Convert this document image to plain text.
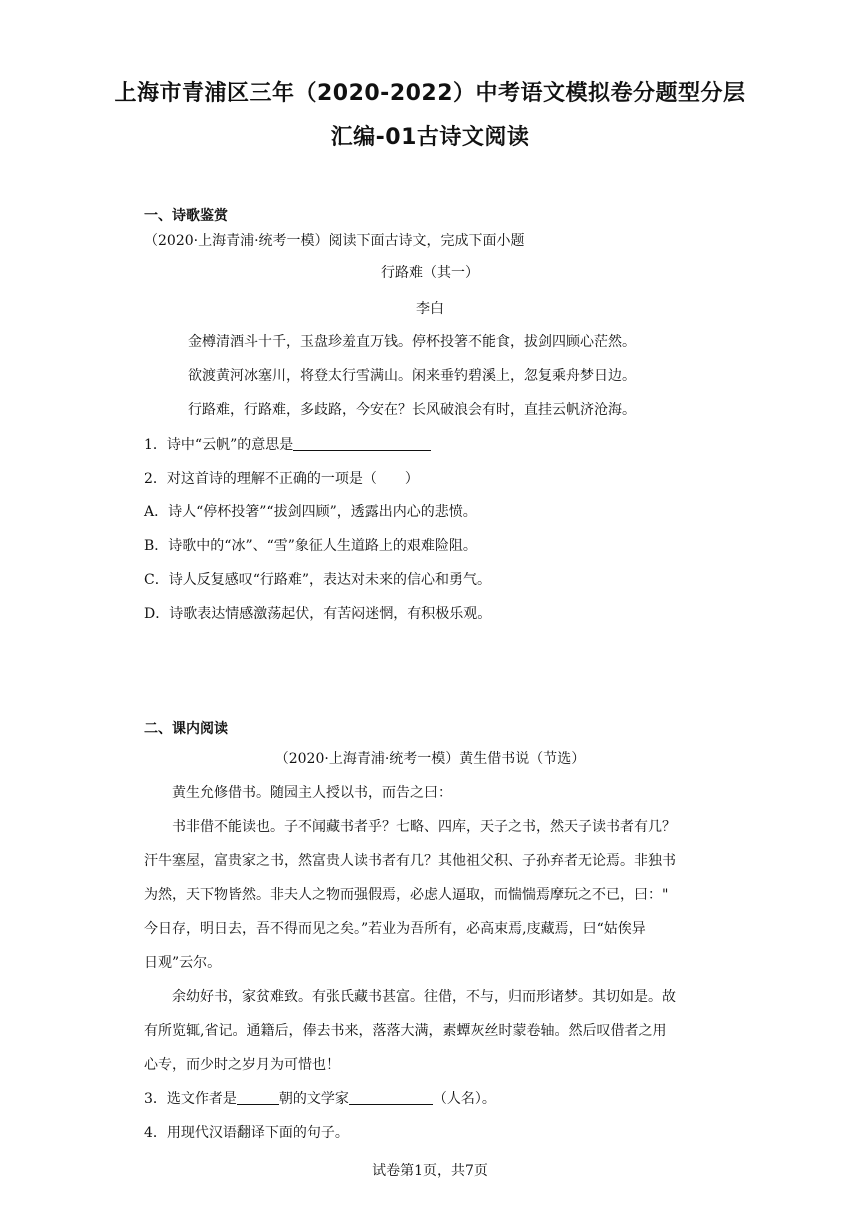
上海市青浦区三年（2020-2022）中考语文模拟卷分题型分层
汇编-01古诗文阅读
一、诗歌鉴赏
（2020·上海青浦·统考一模）阅读下面古诗文，完成下面小题
行路难（其一）
李白
金樽清酒斗十千，玉盘珍羞直万钱。停杯投箸不能食，拔剑四顾心茫然。
欲渡黄河冰塞川，将登太行雪满山。闲来垂钓碧溪上，忽复乘舟梦日边。
行路难，行路难，多歧路，今安在？长风破浪会有时，直挂云帆济沧海。
1．诗中“云帆”的意思是
2．对这首诗的理解不正确的一项是（　　）
A．诗人“停杯投箸”“拔剑四顾”，透露出内心的悲愤。
B．诗歌中的“冰”、“雪”象征人生道路上的艰难险阻。
C．诗人反复感叹“行路难”，表达对未来的信心和勇气。
D．诗歌表达情感激荡起伏，有苦闷迷惘，有积极乐观。
二、课内阅读
（2020·上海青浦·统考一模）黄生借书说（节选）
黄生允修借书。随园主人授以书，而告之曰：
书非借不能读也。子不闻藏书者乎？七略、四库，天子之书，然天子读书者有几？
汗牛塞屋，富贵家之书，然富贵人读书者有几？其他祖父积、子孙弃者无论焉。非独书
为然，天下物皆然。非夫人之物而强假焉，必虑人逼取，而惴惴焉摩玩之不已，曰："
今日存，明日去，吾不得而见之矣。”若业为吾所有，必高束焉,庋藏焉，曰“姑俟异
日观”云尔。
余幼好书，家贫难致。有张氏藏书甚富。往借，不与，归而形诸梦。其切如是。故
有所览辄,省记。通籍后，俸去书来，落落大满，素蟫灰丝时蒙卷轴。然后叹借者之用
心专，而少时之岁月为可惜也！
3．选文作者是	朝的文学家	（人名）。
4．用现代汉语翻译下面的句子。
试卷第1页，共7页
